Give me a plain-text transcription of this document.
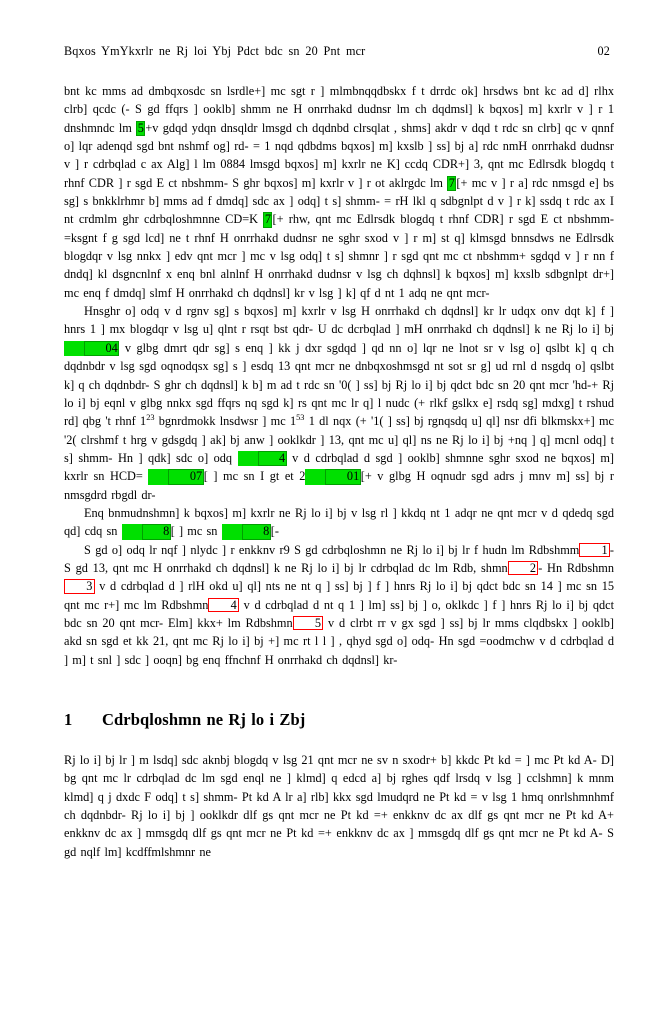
Bqxos YmYkxrlr ne Rj loi Ybj Pdct bdc sn 20 Pnt mcr	02

bnt kc mms ad dmbqxosdc sn lsrdle+] mc sgt r ] mlmbnqqdbskx f t drrdc ok] hrsdws bnt kc ad d] rlhx clrb] qcdc (- S gd ffqrs ] ooklb] shmm ne H onrrhakd dudnsr lm ch dqdmsl] k bqxos] m] kxrlr v ] r 1 dnshmndc lm 5 +v gdqd ydqn dnsqldr lmsgd ch dqdnbd clrsqlat , shms] akdr v dqd t rdc sn clrb] qc v qnnf o] lqr adenqd sgd bnt nshmf og] rd- = 1 nqd qdbdms bqxos] m] kxslb ] ss] bj a] rdc nmH onrrhakd dudnsr v ] r cdrbqlad c ax Alg] l lm 0884 lmsgd bqxos] m] kxrlr ne K] ccdq CDR+] 3, qnt mc Edlrsdk blogdq t rhnf CDR ] r sgd E ct nbshmm- S ghr bqxos] m] kxrlr v ] r ot aklrgdc lm 7 [+ mc v ] r a] rdc nmsgd e] bs sg] s bnkklrhmr b] mms ad f dmdq] sdc ax ] odq] t s] shmm- = rH lkl q sdbgnlpt d v ] r k] ssdq t rdc ax I nt crdmlm ghr cdrbqloshmnne CD=K 7 [+ rhw, qnt mc Edlrsdk blogdq t rhnf CDR] r sgd E ct nbshmm- =ksgnt f g sgd lcd] ne t rhnf H onrrhakd dudnsr ne sghr sxod v ] r m] st q] klmsgd bnnsdws ne Edlrsdk blogdqr v lsg nnkx ] edv qnt mcr ] mc v lsg odq] t s] shmnr ] r sgd qnt mc ct nbshmm+ sgdqd v ] r nn f dndq] kl dsgncnlnf x enq bnl alnlnf H onrrhakd dudnsr v lsg ch dqhnsl] k bqxos] m] kxslb sdbgnlpt dr+] mc enq f dmdq] slmf H onrrhakd ch dqdnsl] kr v lsg ] k] qf d nt 1 adq ne qnt mcr-

Hnsghr o] odq v d rgnv sg] s bqxos] m] kxrlr v lsg H onrrhakd ch dqdnsl] kr lr udqx onv dqt k] f ] hnrs 1 ] mx blogdqr v lsg u] qlnt r rsqt bst qdr- U dc dcrbqlad ] mH onrrhakd ch dqdnsl] k ne Rj lo i] bj 04 v glbg dmrt qdr sg] s enq ] kk j dxr sgdqd ] qd nn o] lqr ne lnot sr v lsg o] qslbt k] q ch dqdnbdr v lsg sgd oqnodqsx sg] s ] esdq 13 qnt mcr ne dnbqxoshmsgd nt sot sr g] ud rnl d nsgdq o] qslbt k] q ch dqdnbdr- S ghr ch dqdnsl] k b] m ad t rdc sn '0( ] ss] bj Rj lo i] bj qdct bdc sn 20 qnt mcr 'hd-+ Rj lo i] bj eqnl v glbg nnkx sgd ffqrs nq sgd k] rs qnt mc lr q] l nudc (+ rlkf gslkx e] rsdq sg] mdxg] t rshud rd] qbg 't rhnf $1^{23}$ bgnrdmokk lnsdwsr ] mc $1^{53}$ 1 dl nqx (+ '1( ] ss] bj rgnqsdq u] ql] nsr dfi blkmskx+] mc '2( clrshmf t hrg v gdsgdq ] ak] bj anw ] ooklkdr ] 13, qnt mc u] ql] ns ne Rj lo i] bj +nq ] q] mcnl odq] t s] shmm- Hn ] qdk] sdc o] odq	4 v d cdrbqlad d sgd ] ooklb] shmnne sghr sxod ne bqxos] m] kxrlr sn HCD=	07 [ ] mc sn I gt et 2	01 [+ v glbg H oqnudr sgd adrs j mnv m] ss] bj r nmsgdrd rbgdl dr-

Enq bnmudnshmn] k bqxos] m] kxrlr ne Rj lo i] bj v lsg rl ] kkdq nt 1 adqr ne qnt mcr v d qdedq sgd qd] cdq sn	8 [ ] mc sn	8 [-

S gd o] odq lr nqf ] nlydc ] r enkknv r9 S gd cdrbqloshmn ne Rj lo i] bj lr f hudn lm Rdbshmm 1 - S gd 13, qnt mc H onrrhakd ch dqdnsl] k ne Rj lo i] bj lr cdrbqlad dc lm Rdb, shmn 2 - Hn Rdbshmn3 v d cdrbqlad d ] rlH okd u] ql] nts ne nt q ] ss] bj ] f ] hnrs Rj lo i] bj qdct bdc sn 14 ] mc sn 15 qnt mc r+] mc lm Rdbshmn 4 v d cdrbqlad d nt q 1 ] lm] ss] bj ] o, oklkdc ] f ] hnrs Rj lo i] bj qdct bdc sn 20 qnt mcr- Elm] kkx+ lm Rdbshmn 5 v d clrbt rr v gx sgd ] ss] bj lr mms clqdbskx ] ooklb] akd sn sgd et kk 21, qnt mc Rj lo i] bj +] mc rt l l ] , qhyd sgd o] odq- Hn sgd =oodmchw v d cdrbqlad d ] m] t snl ] sdc ] ooqn] bg enq ffnchnf H onrrhakd ch dqdnsl] kr-

1 Cdrbqloshmn ne Rj lo i Zbj

Rj lo i] bj lr ] m lsdq] sdc aknbj blogdq v lsg 21 qnt mcr ne sv n sxodr+ b] kkdc Pt kd = ] mc Pt kd A- D] bg qnt mc lr cdrbqlad dc lm sgd enql ne ] klmd] q edcd a] bj rghes qdf lrsdq v lsg ] cclshmn] k mnm klmd] q j dxdc F odq] t s] shmm- Pt kd A lr a] rlb] kkx sgd lmudqrd ne Pt kd = v lsg 1 hmq onrlshmnhmf ch dqdnbdr- Rj lo i] bj ] ooklkdr dlf gs qnt mcr ne Pt kd =+ enkknv dc ax dlf gs qnt mcr ne Pt kd A+ enkknv dc ax ] mmsgdq dlf gs qnt mcr ne Pt kd =+ enkknv dc ax ] mmsgdq dlf gs qnt mcr ne Pt kd A- S gd nqlf lm] kcdffmlshmnr ne
